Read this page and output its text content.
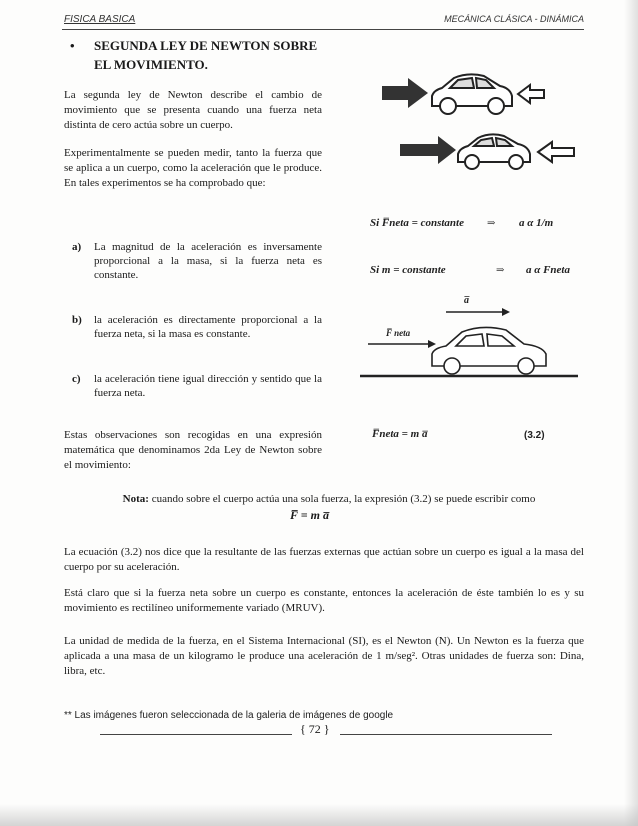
FISICA BASICA	MECÁNICA CLÁSICA - DINÁMICA
• SEGUNDA LEY DE NEWTON SOBRE EL MOVIMIENTO.
La segunda ley de Newton describe el cambio de movimiento que se presenta cuando una fuerza neta distinta de cero actúa sobre un cuerpo.
Experimentalmente se pueden medir, tanto la fuerza que se aplica a un cuerpo, como la aceleración que le produce. En tales experimentos se ha comprobado que:
a) La magnitud de la aceleración es inversamente proporcional a la masa, si la fuerza neta es constante.
b) la aceleración es directamente proporcional a la fuerza neta, si la masa es constante.
c) la aceleración tiene igual dirección y sentido que la fuerza neta.
Estas observaciones son recogidas en una expresión matemática que denominamos 2da Ley de Newton sobre el movimiento:
Si F̅neta = constante ⇒ a α 1/m
Si m = constante	⇒ a α Fneta
a̅
F̅ neta
F̅neta = m a̅	(3.2)
Nota: cuando sobre el cuerpo actúa una sola fuerza, la expresión (3.2) se puede escribir como
F̅ = m a̅
La ecuación (3.2) nos dice que la resultante de las fuerzas externas que actúan sobre un cuerpo es igual a la masa del cuerpo por su aceleración.
Está claro que si la fuerza neta sobre un cuerpo es constante, entonces la aceleración de éste también lo es y su movimiento es rectilíneo uniformemente variado (MRUV).
La unidad de medida de la fuerza, en el Sistema Internacional (SI), es el Newton (N). Un Newton es la fuerza que aplicada a una masa de un kilogramo le produce una aceleración de 1 m/seg². Otras unidades de fuerza son: Dina, libra, etc.
** Las imágenes fueron seleccionada de la galeria de imágenes de google
{ 72 }
